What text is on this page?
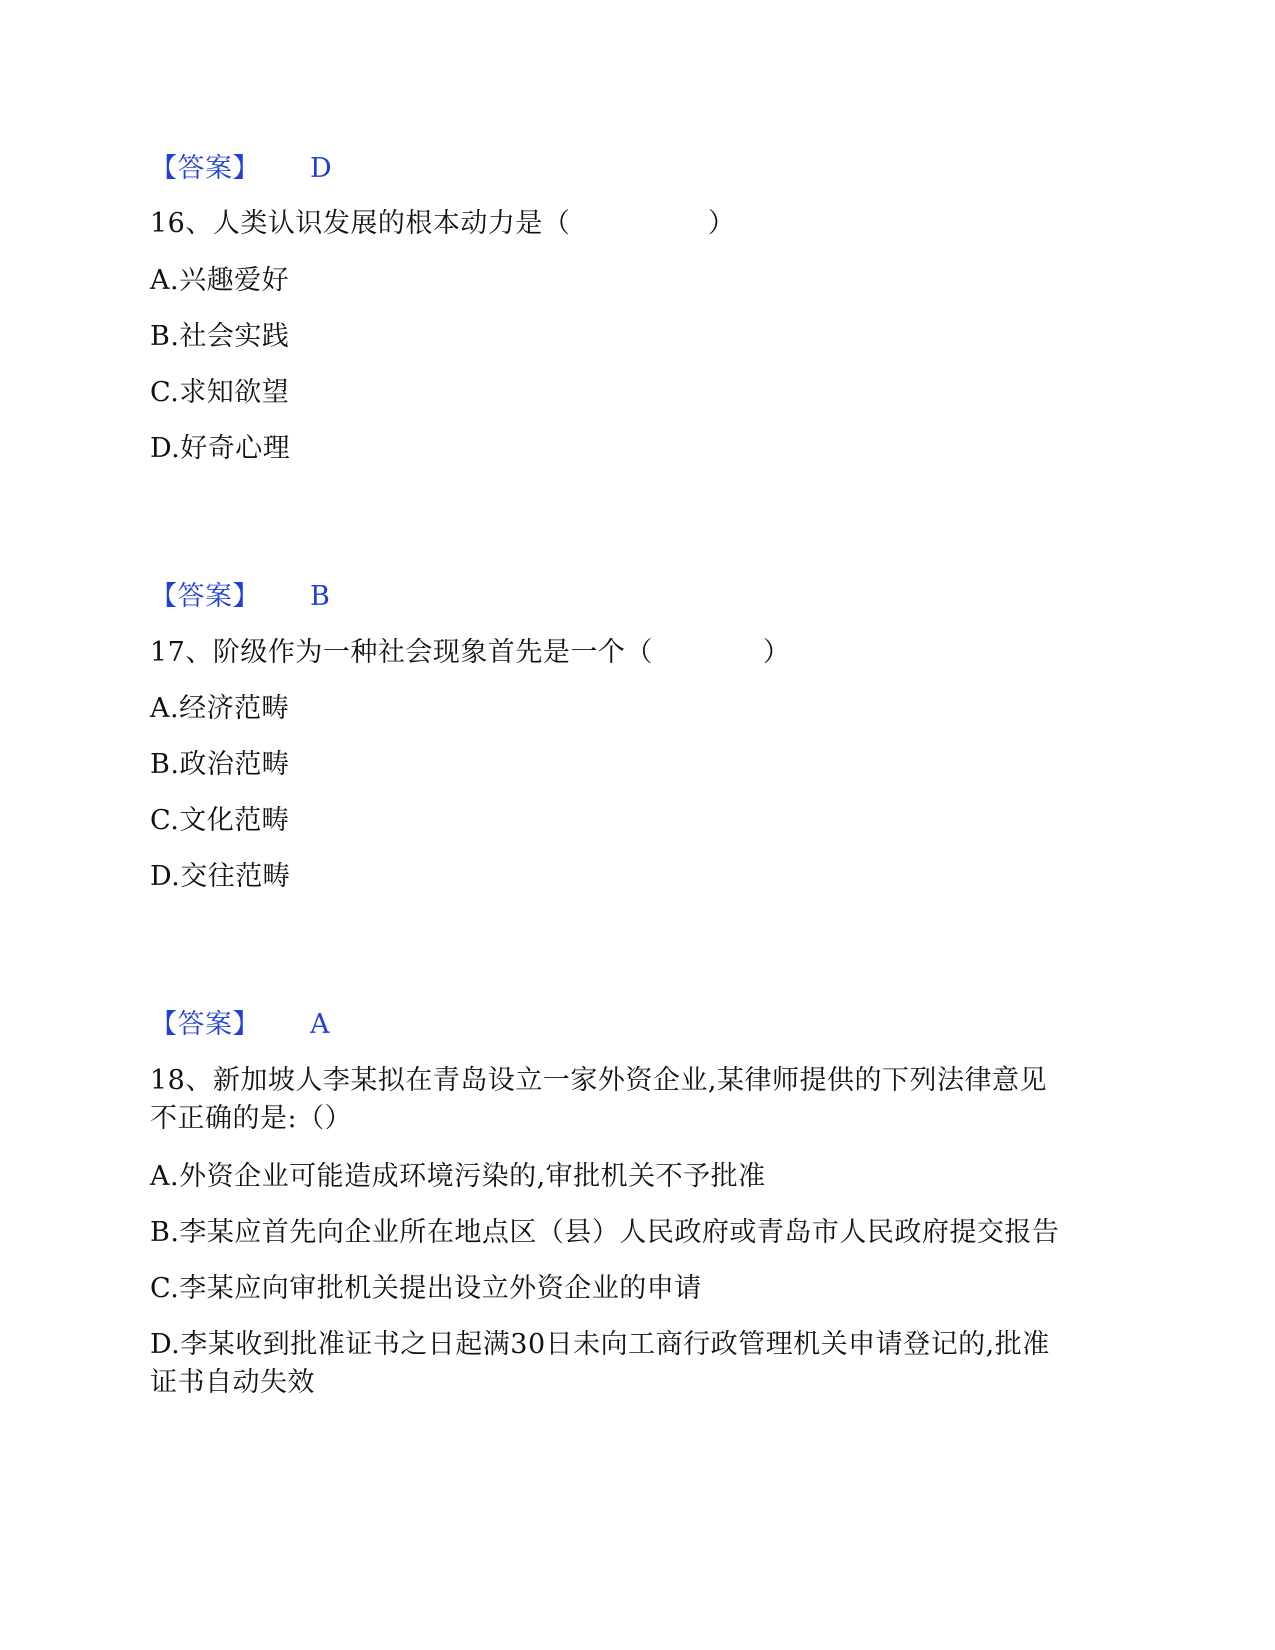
【答案】 D
16、人类认识发展的根本动力是（　　　　　）
A.兴趣爱好
B.社会实践
C.求知欲望
D.好奇心理
【答案】 B
17、阶级作为一种社会现象首先是一个（　　　　）
A.经济范畴
B.政治范畴
C.文化范畴
D.交往范畴
【答案】 A
18、新加坡人李某拟在青岛设立一家外资企业,某律师提供的下列法律意见
不正确的是:（）
A.外资企业可能造成环境污染的,审批机关不予批准
B.李某应首先向企业所在地点区（县）人民政府或青岛市人民政府提交报告
C.李某应向审批机关提出设立外资企业的申请
D.李某收到批准证书之日起满30日未向工商行政管理机关申请登记的,批准
证书自动失效
